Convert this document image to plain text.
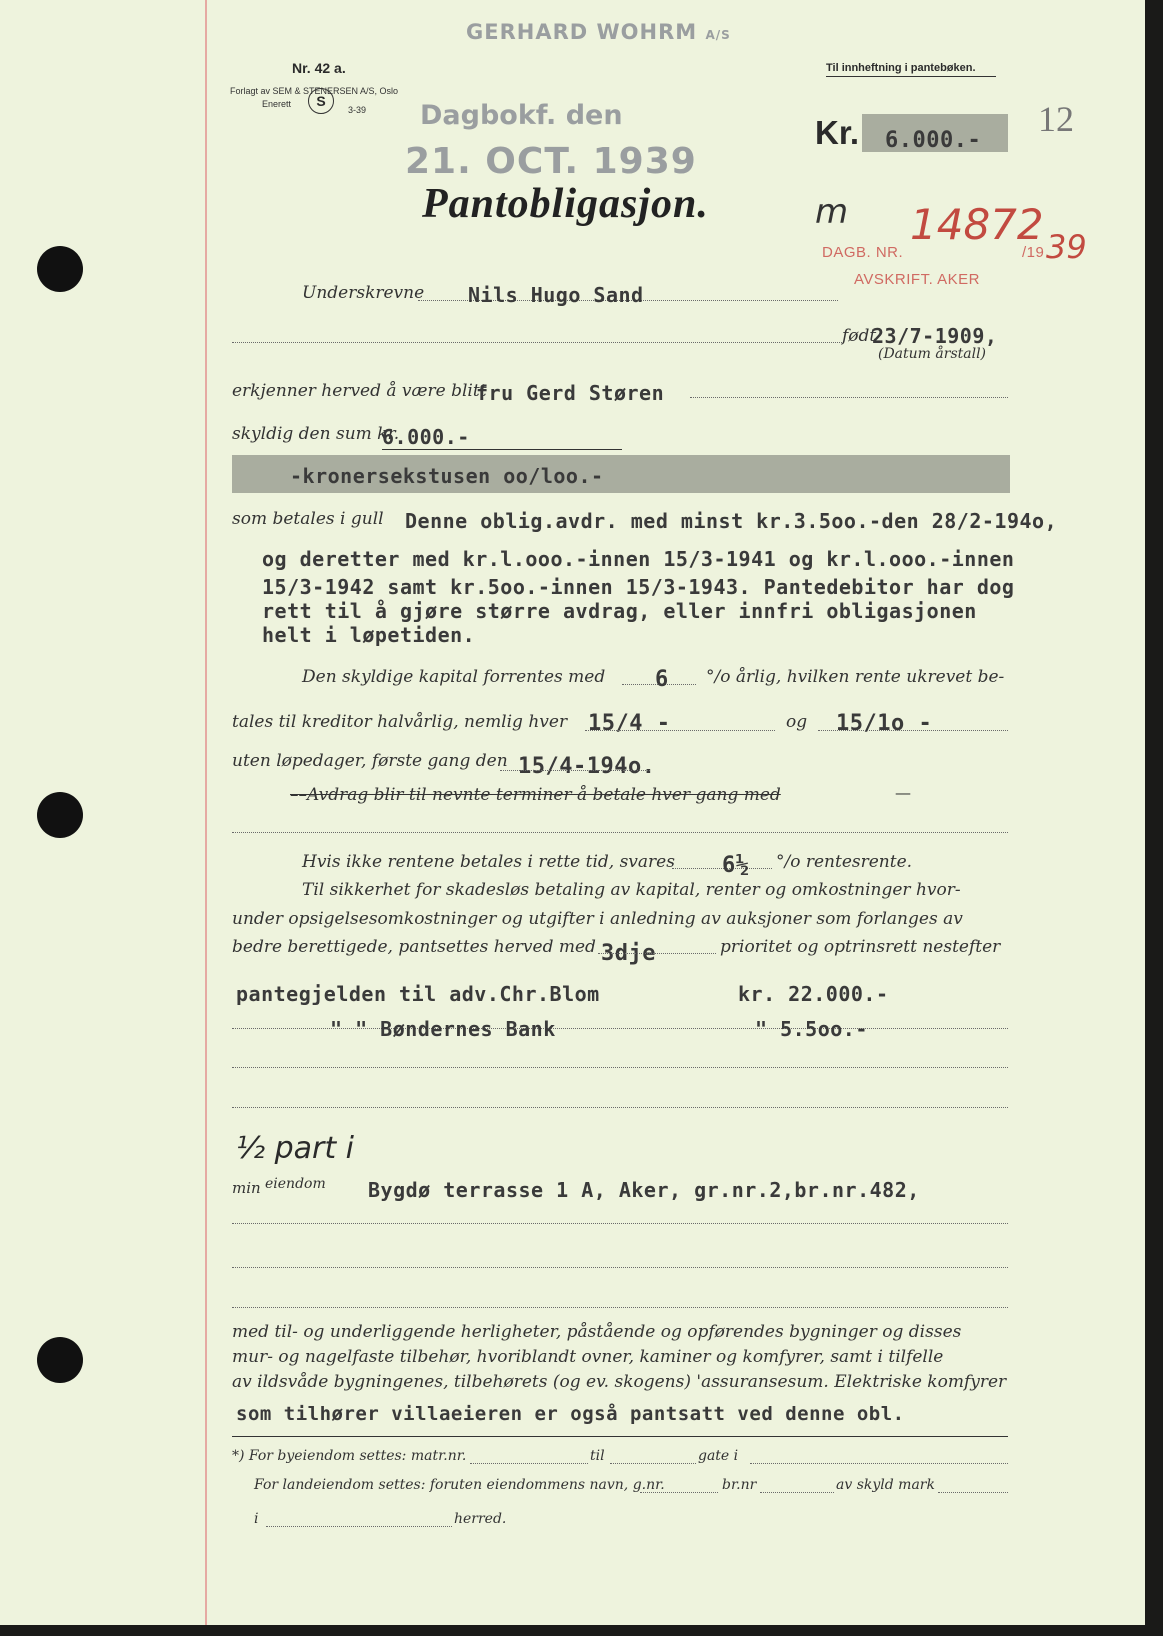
GERHARD WOHRM A/S
Nr. 42 a.
Forlagt av SEM & STENERSEN A/S, Oslo
Enerett	S
3-39
Til innheftning i pantebøken.
Dagbokf. den
21. OCT. 1939
Kr. 6.000.-
12
Pantobligasjon.	m
DAGB. NR.
14872
/19 39
AVSKRIFT. AKER
Underskrevne Nils Hugo Sand
født
23/7-1909,
(Datum årstall)
erkjenner herved å være blitt
fru Gerd Støren
skyldig den sum kr.
6.000.-
-kronersekstusen oo/loo.-
som betales i gull Denne oblig.avdr. med minst kr.3.5oo.-den 28/2-194o,
og deretter med kr.l.ooo.-innen 15/3-1941 og kr.l.ooo.-innen
15/3-1942 samt kr.5oo.-innen 15/3-1943. Pantedebitor har dog
rett til å gjøre større avdrag, eller innfri obligasjonen
helt i løpetiden.
Den skyldige kapital forrentes med 6 °/o årlig, hvilken rente ukrevet be-
tales til kreditor halvårlig, nemlig hver 15/4 -	og 15/1o -
uten løpedager, første gang den 15/4-194o.
––Avdrag blir til nevnte terminer å betale hver gang med	—
Hvis ikke rentene betales i rette tid, svares 6½ °/o rentesrente.
Til sikkerhet for skadesløs betaling av kapital, renter og omkostninger hvor-
under opsigelsesomkostninger og utgifter i anledning av auksjoner som forlanges av
bedre berettigede, pantsettes herved med 3dje	prioritet og optrinsrett nestefter
pantegjelden til adv.Chr.Blom	kr. 22.000.-
" " Bøndernes Bank	" 5.5oo.-
½ part i
min eiendom Bygdø terrasse 1 A, Aker, gr.nr.2,br.nr.482,
med til- og underliggende herligheter, påstående og opførendes bygninger og disses
mur- og nagelfaste tilbehør, hvoriblandt ovner, kaminer og komfyrer, samt i tilfelle
av ildsvåde bygningenes, tilbehørets (og ev. skogens) 'assuransesum. Elektriske komfyrer
som tilhører villaeieren er også pantsatt ved denne obl.
*) For byeiendom settes: matr.nr.	til	gate i
For landeiendom settes: foruten eiendommens navn, g.nr.	br.nr	av skyld mark
i	herred.
